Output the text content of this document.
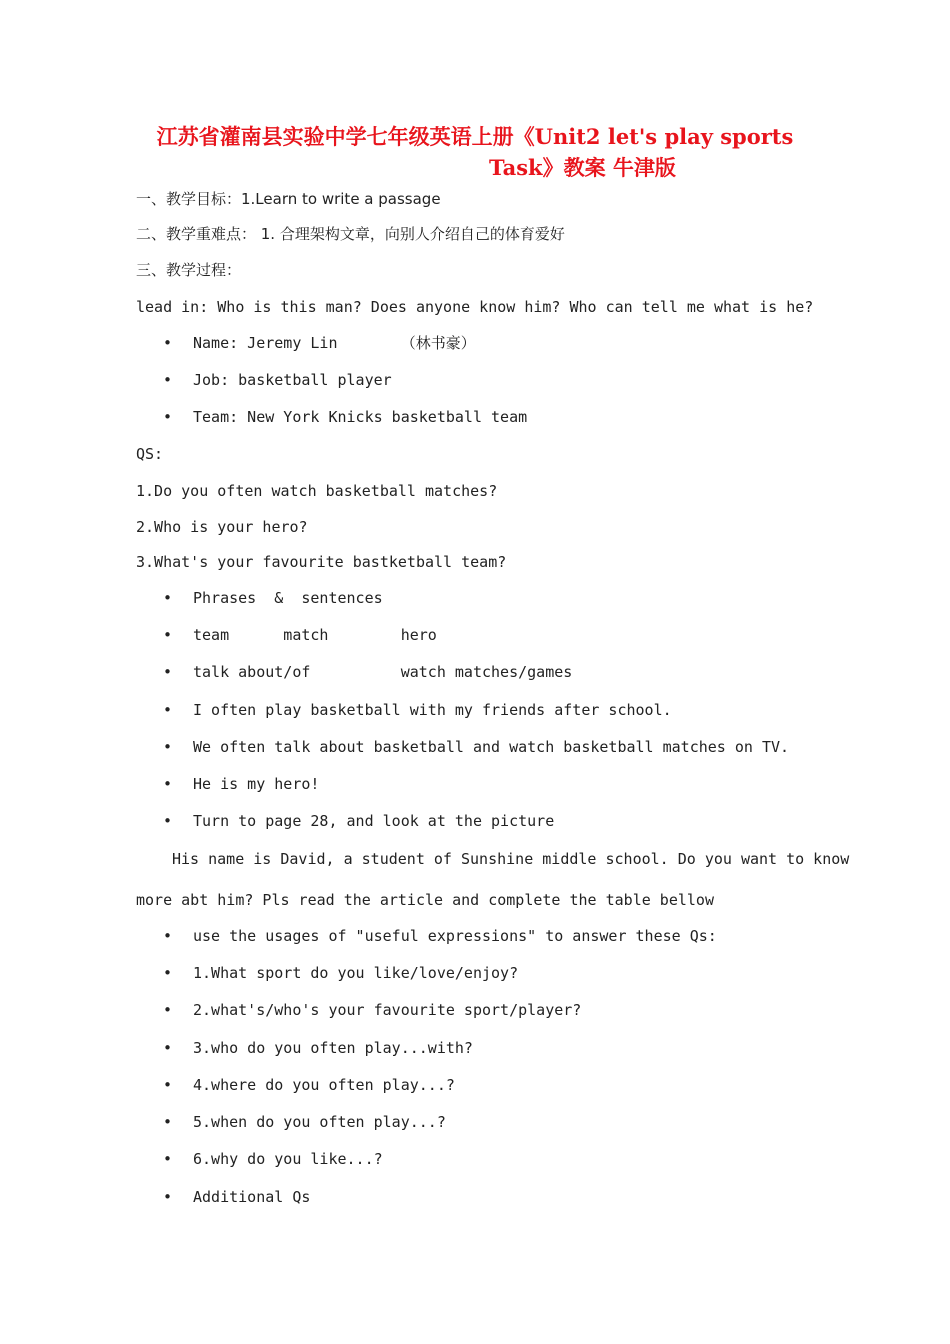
江苏省灌南县实验中学七年级英语上册《Unit2 let's play sports
Task》教案 牛津版
一、教学目标：1.Learn to write a passage
二、教学重难点： 1. 合理架构文章，向别人介绍自己的体育爱好
三、教学过程：
lead in: Who is this man? Does anyone know him? Who can tell me what is he?
• Name: Jeremy Lin       （林书豪）
• Job: basketball player
• Team: New York Knicks basketball team
QS:
1.Do you often watch basketball matches?
2.Who is your hero?
3.What's your favourite bastketball team?
• Phrases  &  sentences
• team      match        hero
• talk about/of          watch matches/games
• I often play basketball with my friends after school.
• We often talk about basketball and watch basketball matches on TV.
• He is my hero!
• Turn to page 28, and look at the picture
His name is David, a student of Sunshine middle school. Do you want to know
more abt him? Pls read the article and complete the table bellow
• use the usages of "useful expressions" to answer these Qs:
• 1.What sport do you like/love/enjoy?
• 2.what's/who's your favourite sport/player?
• 3.who do you often play...with?
• 4.where do you often play...?
• 5.when do you often play...?
• 6.why do you like...?
• Additional Qs
